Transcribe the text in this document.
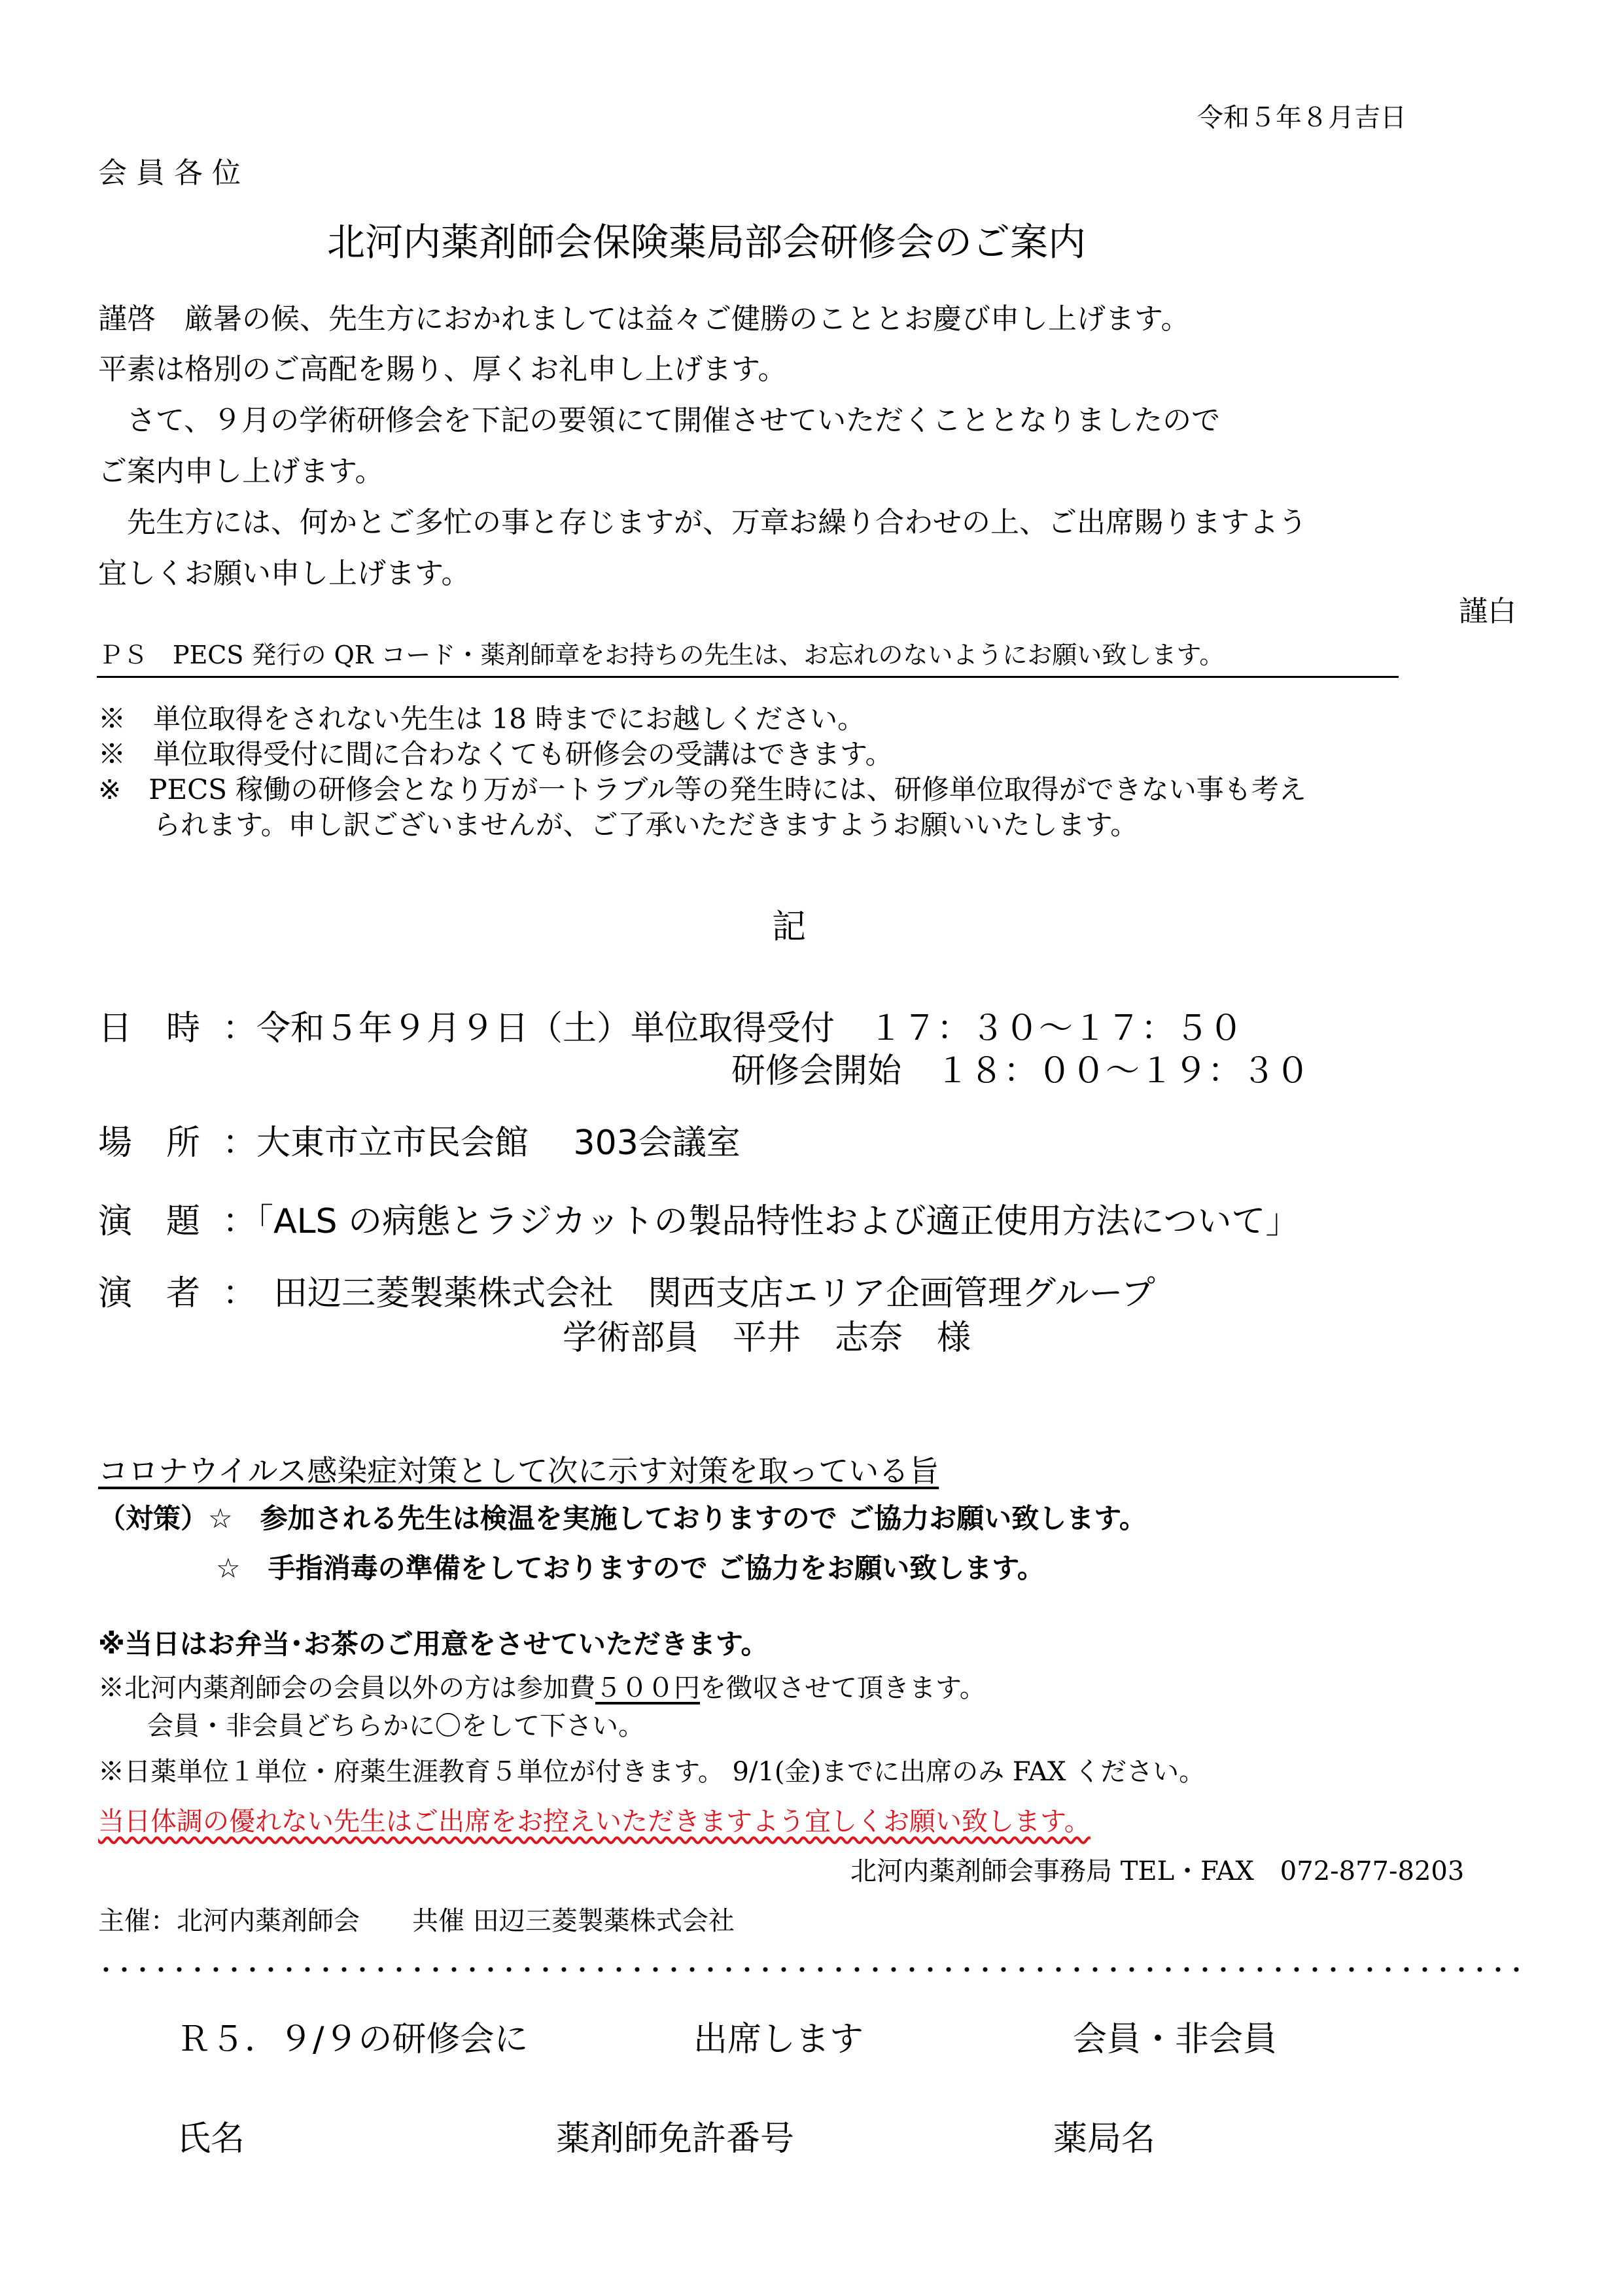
令和５年８月吉日
会 員 各 位
北河内薬剤師会保険薬局部会研修会のご案内
謹啓　厳暑の候、先生方におかれましては益々ご健勝のこととお慶び申し上げます。
平素は格別のご高配を賜り、厚くお礼申し上げます。
　さて、９月の学術研修会を下記の要領にて開催させていただくこととなりましたので
ご案内申し上げます。
　先生方には、何かとご多忙の事と存じますが、万章お繰り合わせの上、ご出席賜りますよう
宜しくお願い申し上げます。
謹白
ＰＳ　PECS 発行の QR コード・薬剤師章をお持ちの先生は、お忘れのないようにお願い致します。
※　単位取得をされない先生は 18 時までにお越しください。
※　単位取得受付に間に合わなくても研修会の受講はできます。
※　PECS 稼働の研修会となり万が一トラブル等の発生時には、研修単位取得ができない事も考え
　　られます。申し訳ございませんが、ご了承いただきますようお願いいたします。
記
日　時 ：令和５年９月９日（土）単位取得受付　１７：３０～１７：５０
研修会開始　１８：００～１９：３０
場　所 ：大東市立市民会館　 303会議室
演　題 ：「ALS の病態とラジカットの製品特性および適正使用方法について」
演　者 ：　田辺三菱製薬株式会社　関西支店エリア企画管理グループ
学術部員　平井　志奈　様
コロナウイルス感染症対策として次に示す対策を取っている旨
（対策）☆　参加される先生は検温を実施しておりますので ご協力お願い致します。
☆　手指消毒の準備をしておりますので ご協力をお願い致します。
※当日はお弁当･お茶のご用意をさせていただきます。
※北河内薬剤師会の会員以外の方は参加費５００円を徴収させて頂きます。
会員・非会員どちらかに〇をして下さい。
※日薬単位１単位・府薬生涯教育５単位が付きます。 9/1(金)までに出席のみ FAX ください。
当日体調の優れない先生はご出席をお控えいただきますよう宜しくお願い致します。
北河内薬剤師会事務局 TEL・FAX　072-877-8203
主催：北河内薬剤師会　　共催 田辺三菱製薬株式会社
Ｒ５．９/９の研修会に	出席します	会員・非会員
氏名	薬剤師免許番号	薬局名
